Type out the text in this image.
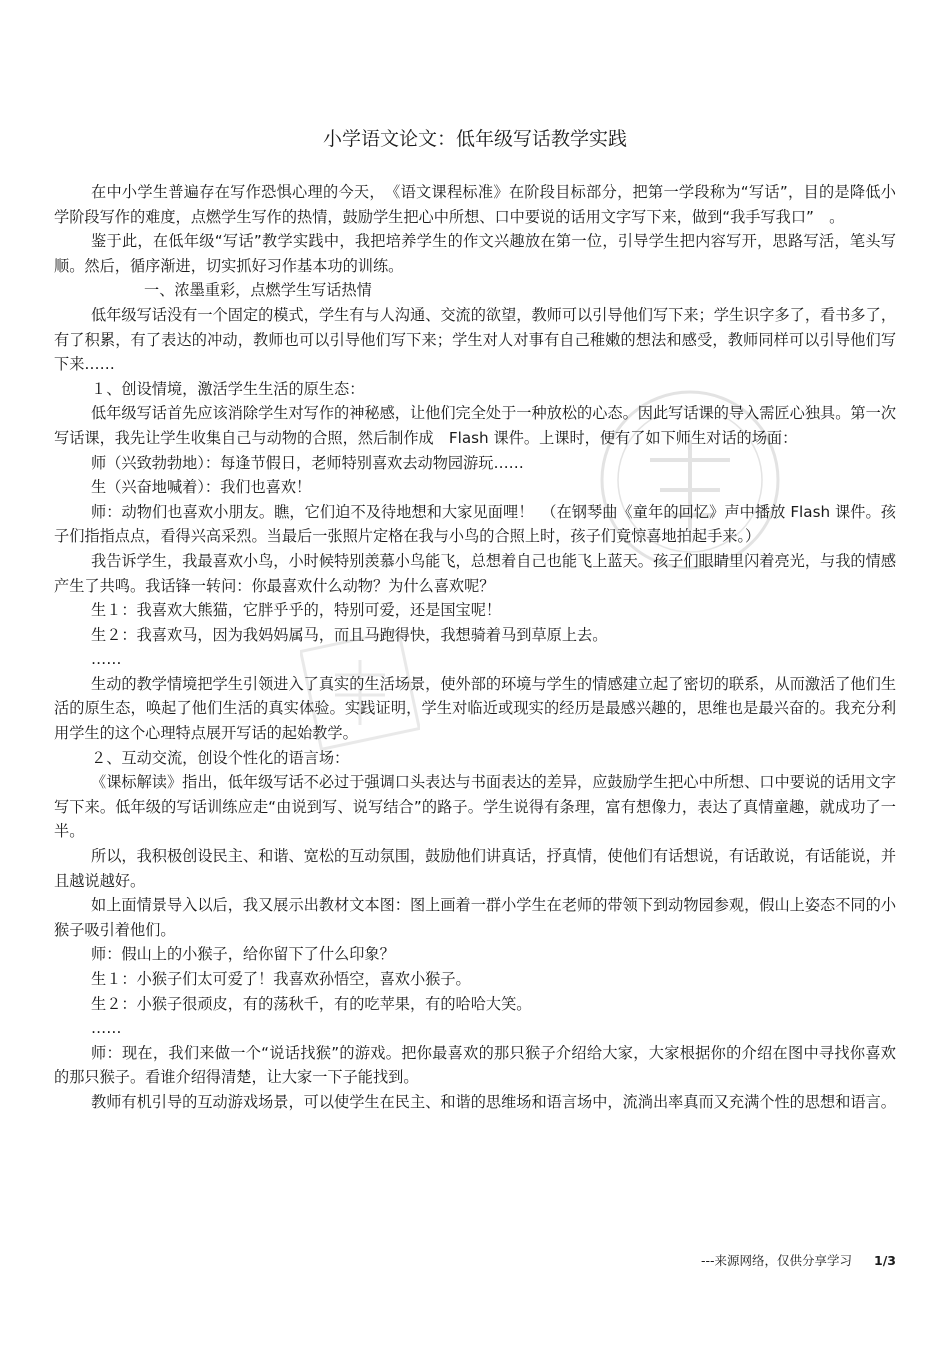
小学语文论文：低年级写话教学实践

在中小学生普遍存在写作恐惧心理的今天，　《语文课程标准》在阶段目标部分，把第一学段称为“写话”，目的是降低小学阶段写作的难度，点燃学生写作的热情，鼓励学生把心中所想、口中要说的话用文字写下来，做到“我手写我口”　。

鉴于此，在低年级“写话”教学实践中，我把培养学生的作文兴趣放在第一位，引导学生把内容写开，思路写活，笔头写顺。然后，循序渐进，切实抓好习作基本功的训练。

一、浓墨重彩，点燃学生写话热情

低年级写话没有一个固定的模式，学生有与人沟通、交流的欲望，教师可以引导他们写下来；学生识字多了，看书多了，有了积累，有了表达的冲动，教师也可以引导他们写下来；学生对人对事有自己稚嫩的想法和感受，教师同样可以引导他们写下来……

１、创设情境，激活学生生活的原生态：

低年级写话首先应该消除学生对写作的神秘感，让他们完全处于一种放松的心态。因此写话课的导入需匠心独具。第一次写话课，我先让学生收集自己与动物的合照，然后制作成　Flash 课件。上课时，便有了如下师生对话的场面：

师（兴致勃勃地）：每逢节假日，老师特别喜欢去动物园游玩……

生（兴奋地喊着）：我们也喜欢！

师：动物们也喜欢小朋友。瞧，它们迫不及待地想和大家见面哩！　（在钢琴曲《童年的回忆》声中播放 Flash 课件。孩子们指指点点，看得兴高采烈。当最后一张照片定格在我与小鸟的合照上时，孩子们竟惊喜地拍起手来。）

我告诉学生，我最喜欢小鸟，小时候特别羡慕小鸟能飞，总想着自己也能飞上蓝天。孩子们眼睛里闪着亮光，与我的情感产生了共鸣。我话锋一转问：你最喜欢什么动物？为什么喜欢呢？

生１：我喜欢大熊猫，它胖乎乎的，特别可爱，还是国宝呢！

生２：我喜欢马，因为我妈妈属马，而且马跑得快，我想骑着马到草原上去。

……

生动的教学情境把学生引领进入了真实的生活场景，使外部的环境与学生的情感建立起了密切的联系，从而激活了他们生活的原生态，唤起了他们生活的真实体验。实践证明，学生对临近或现实的经历是最感兴趣的，思维也是最兴奋的。我充分利用学生的这个心理特点展开写话的起始教学。

２、互动交流，创设个性化的语言场：

《课标解读》指出，低年级写话不必过于强调口头表达与书面表达的差异，应鼓励学生把心中所想、口中要说的话用文字写下来。低年级的写话训练应走“由说到写、说写结合”的路子。学生说得有条理，富有想像力，表达了真情童趣，就成功了一半。

所以，我积极创设民主、和谐、宽松的互动氛围，鼓励他们讲真话，抒真情，使他们有话想说，有话敢说，有话能说，并且越说越好。

如上面情景导入以后，我又展示出教材文本图：图上画着一群小学生在老师的带领下到动物园参观，假山上姿态不同的小猴子吸引着他们。

师：假山上的小猴子，给你留下了什么印象？

生１：小猴子们太可爱了！我喜欢孙悟空，喜欢小猴子。

生２：小猴子很顽皮，有的荡秋千，有的吃苹果，有的哈哈大笑。

……

师：现在，我们来做一个“说话找猴”的游戏。把你最喜欢的那只猴子介绍给大家，大家根据你的介绍在图中寻找你喜欢的那只猴子。看谁介绍得清楚，让大家一下子能找到。

教师有机引导的互动游戏场景，可以使学生在民主、和谐的思维场和语言场中，流淌出率真而又充满个性的思想和语言。

---来源网络，仅供分享学习 1/3
